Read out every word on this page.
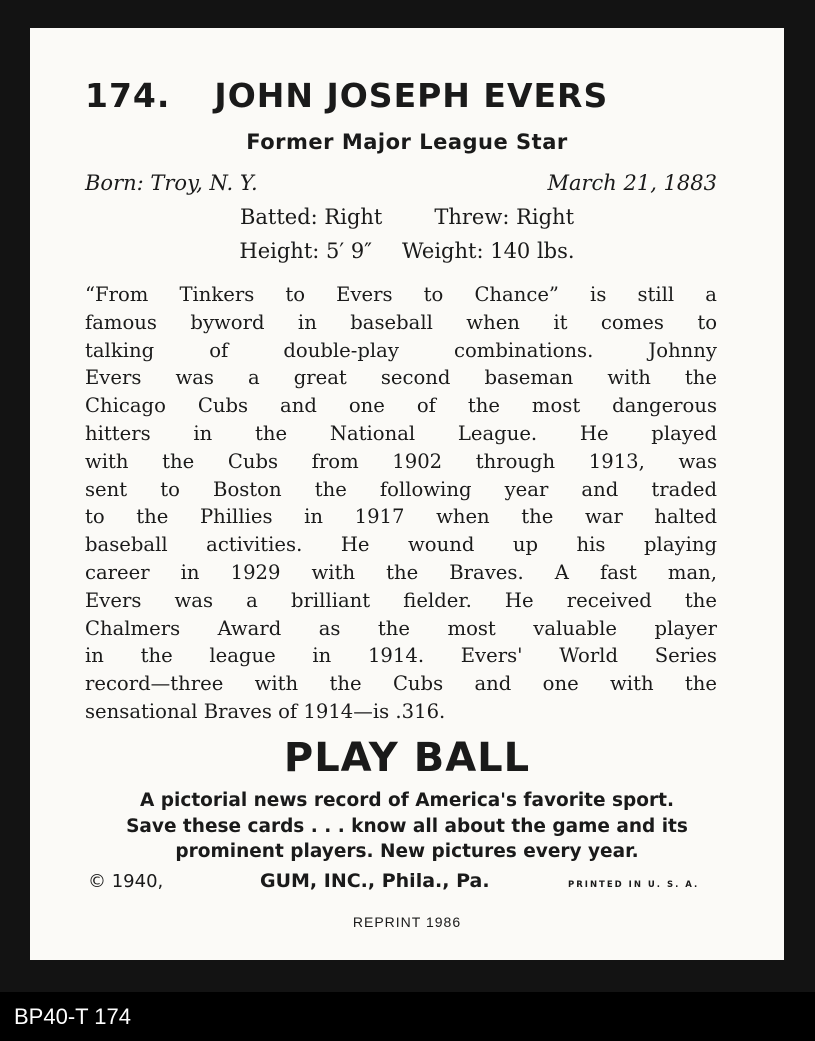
174. JOHN JOSEPH EVERS
Former Major League Star
Born: Troy, N. Y.	March 21, 1883
Batted: Right Threw: Right
Height: 5′ 9″ Weight: 140 lbs.
“From Tinkers to Evers to Chance” is still a
famous byword in baseball when it comes to
talking of double-play combinations. Johnny
Evers was a great second baseman with the
Chicago Cubs and one of the most dangerous
hitters in the National League. He played
with the Cubs from 1902 through 1913, was
sent to Boston the following year and traded
to the Phillies in 1917 when the war halted
baseball activities. He wound up his playing
career in 1929 with the Braves. A fast man,
Evers was a brilliant fielder. He received the
Chalmers Award as the most valuable player
in the league in 1914. Evers' World Series
record—three with the Cubs and one with the
sensational Braves of 1914—is .316.
PLAY BALL
A pictorial news record of America's favorite sport.
Save these cards . . . know all about the game and its
prominent players. New pictures every year.
© 1940,	GUM, INC., Phila., Pa.	PRINTED IN U. S. A.
REPRINT 1986
BP40-T 174
